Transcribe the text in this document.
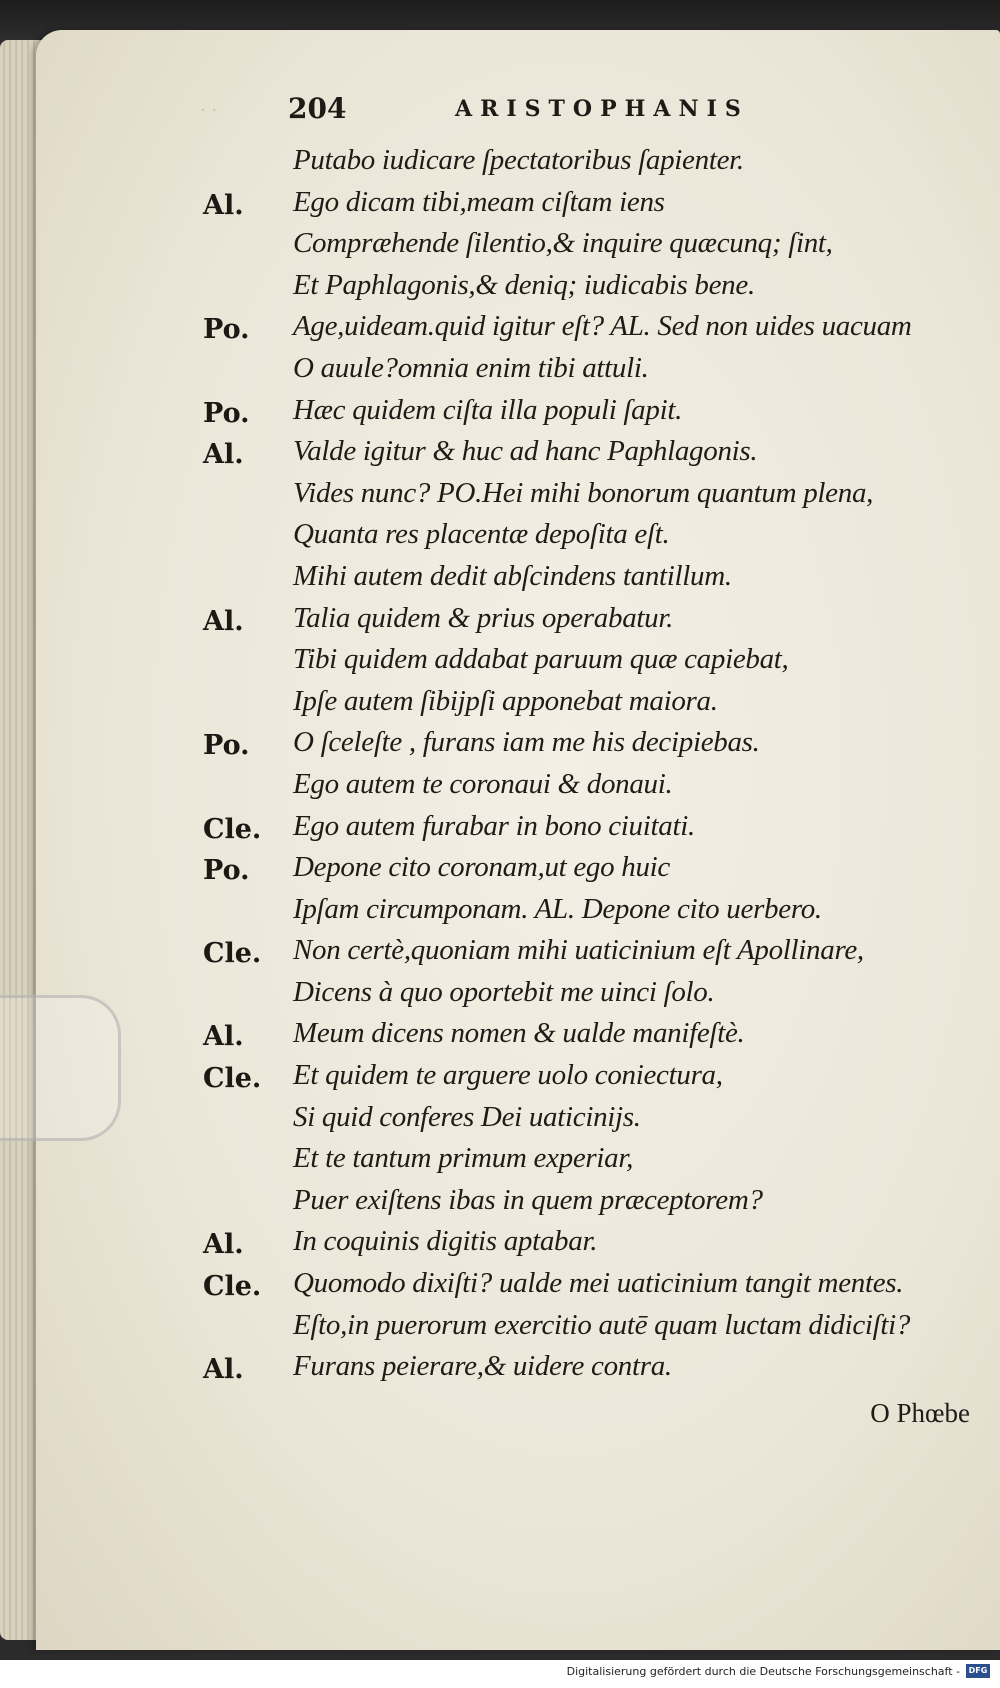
· ·	204	ARISTOPHANIS
Putabo iudicare ſpectatoribus ſapienter.
Al. Ego dicam tibi,meam ciſtam iens
Compræhende ſilentio,& inquire quæcunq; ſint,
Et Paphlagonis,& deniq; iudicabis bene.
Po. Age,uideam.quid igitur eſt? AL. Sed non uides uacuam
O auule?omnia enim tibi attuli.
Po. Hæc quidem ciſta illa populi ſapit.
Al. Valde igitur & huc ad hanc Paphlagonis.
Vides nunc? PO.Hei mihi bonorum quantum plena,
Quanta res placentæ depoſita eſt.
Mihi autem dedit abſcindens tantillum.
Al. Talia quidem & prius operabatur.
Tibi quidem addabat paruum quæ capiebat,
Ipſe autem ſibijpſi apponebat maiora.
Po. O ſceleſte , furans iam me his decipiebas.
Ego autem te coronaui & donaui.
Cle. Ego autem furabar in bono ciuitati.
Po. Depone cito coronam,ut ego huic
Ipſam circumponam. AL. Depone cito uerbero.
Cle. Non certè,quoniam mihi uaticinium eſt Apollinare,
Dicens à quo oportebit me uinci ſolo.
Al. Meum dicens nomen & ualde manifeſtè.
Cle. Et quidem te arguere uolo coniectura,
Si quid conferes Dei uaticinijs.
Et te tantum primum experiar,
Puer exiſtens ibas in quem præceptorem?
Al. In coquinis digitis aptabar.
Cle. Quomodo dixiſti? ualde mei uaticinium tangit mentes.
Eſto,in puerorum exercitio autē quam luctam didiciſti?
Al. Furans peierare,& uidere contra.
O Phœbe
Digitalisierung gefördert durch die Deutsche Forschungsgemeinschaft -	DFG
